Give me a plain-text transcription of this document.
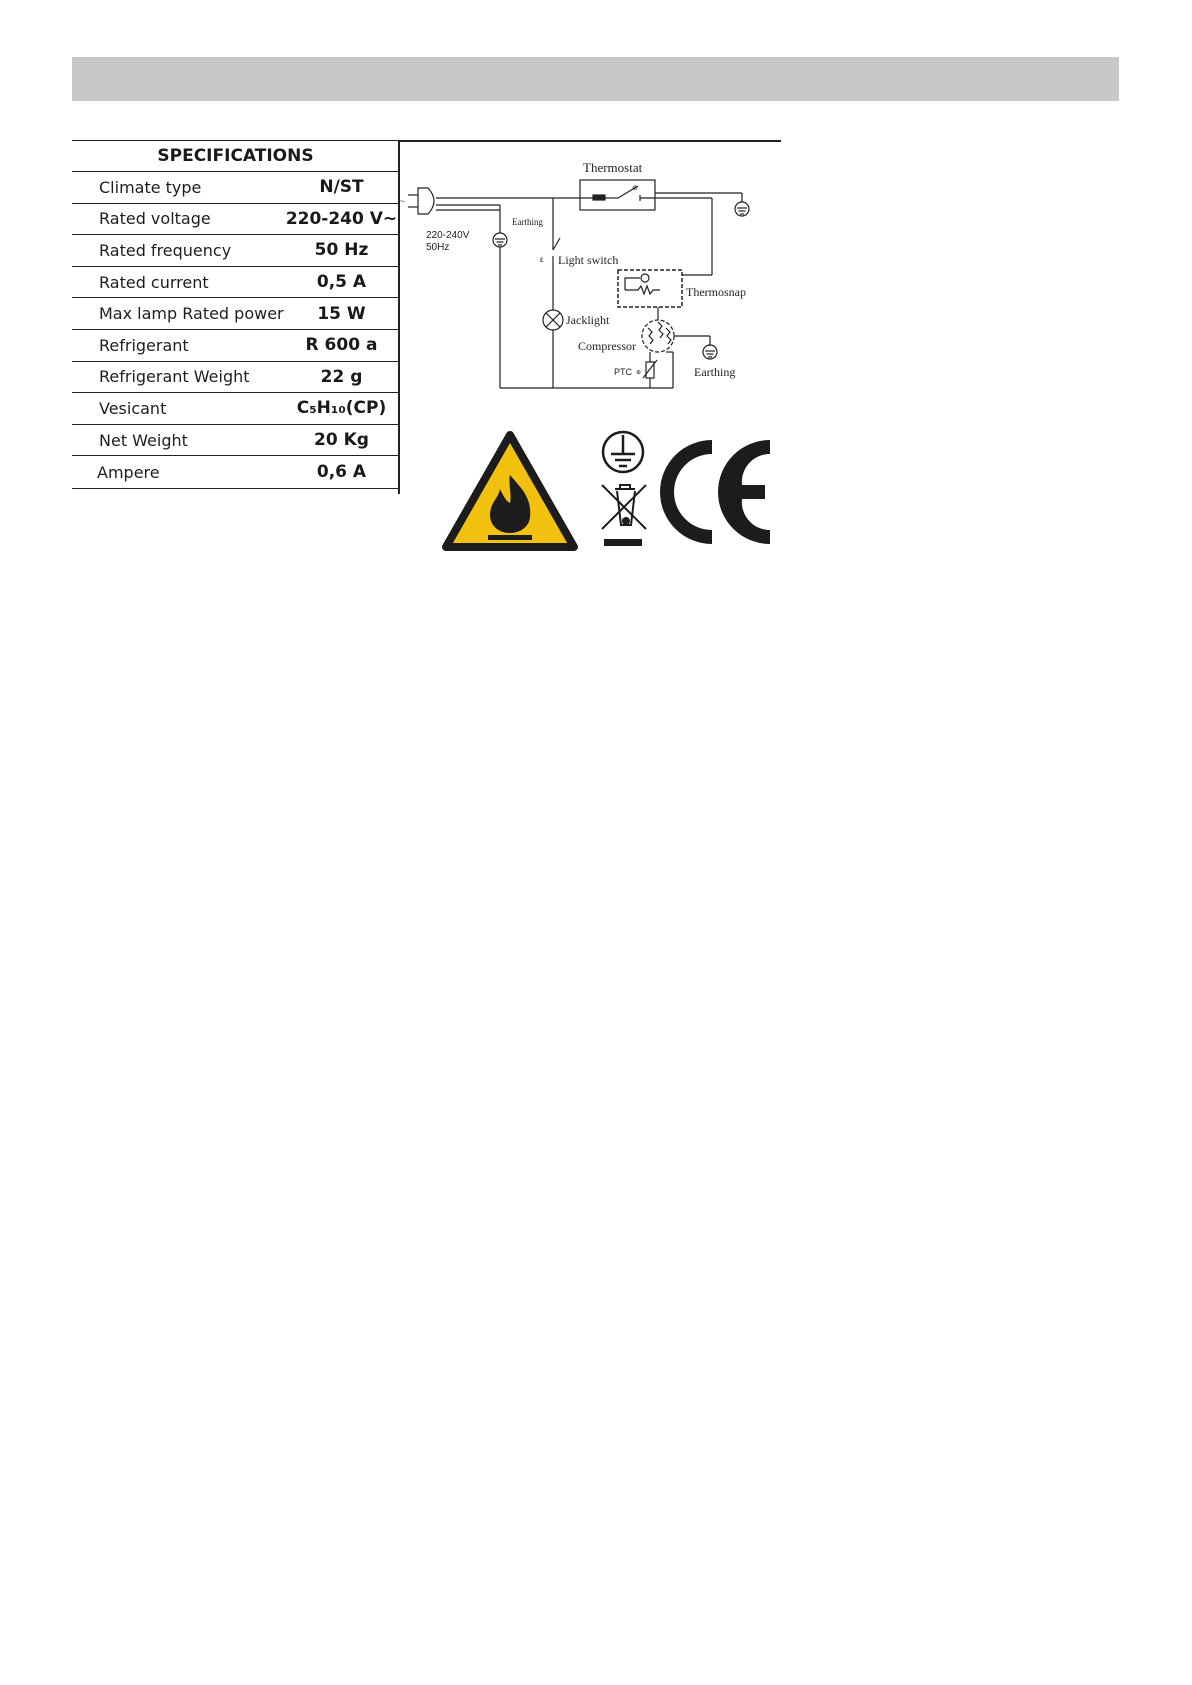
SPECIFICATIONS
Climate type	N/ST
Rated voltage	220-240 V~
Rated frequency	50 Hz
Rated current	0,5 A
Max lamp Rated power	15 W
Refrigerant	R 600 a
Refrigerant Weight	22 g
Vesicant	C₅H₁₀(CP)
Net Weight	20 Kg
Ampere	0,6 A
~
220-240V
50Hz
Earthing
Thermostat
⊕
ε Light switch
Jacklight
Thermosnap
Compressor
Earthing
PTC ⊕
